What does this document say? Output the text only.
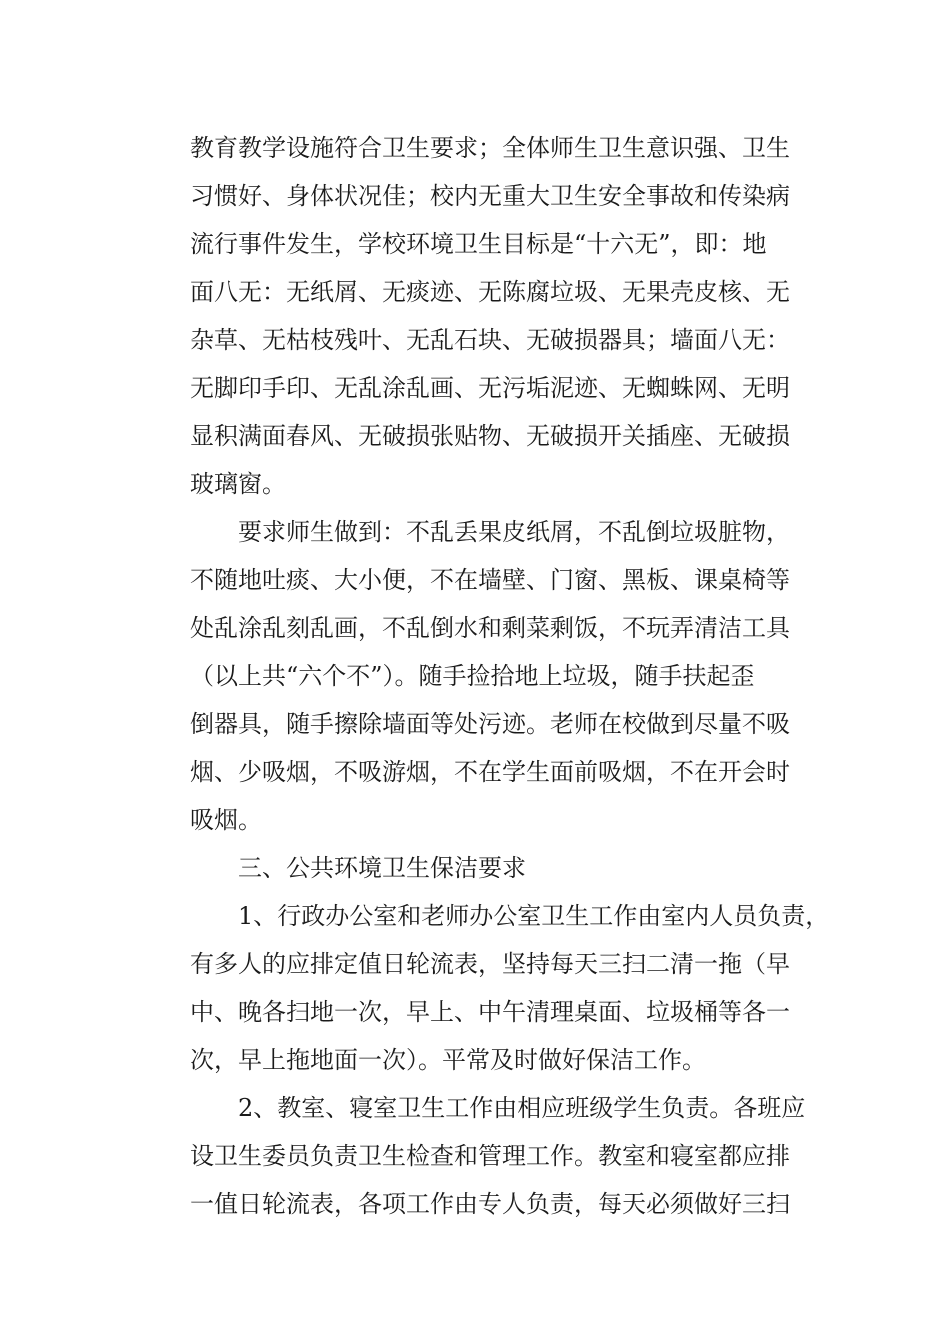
教育教学设施符合卫生要求；全体师生卫生意识强、卫生
习惯好、身体状况佳；校内无重大卫生安全事故和传染病
流行事件发生，学校环境卫生目标是“十六无”，即：地
面八无：无纸屑、无痰迹、无陈腐垃圾、无果壳皮核、无
杂草、无枯枝残叶、无乱石块、无破损器具；墙面八无：
无脚印手印、无乱涂乱画、无污垢泥迹、无蜘蛛网、无明
显积满面春风、无破损张贴物、无破损开关插座、无破损
玻璃窗。
要求师生做到：不乱丢果皮纸屑，不乱倒垃圾脏物，
不随地吐痰、大小便，不在墙壁、门窗、黑板、课桌椅等
处乱涂乱刻乱画，不乱倒水和剩菜剩饭，不玩弄清洁工具
（以上共“六个不”）。随手捡拾地上垃圾，随手扶起歪
倒器具，随手擦除墙面等处污迹。老师在校做到尽量不吸
烟、少吸烟，不吸游烟，不在学生面前吸烟，不在开会时
吸烟。
三、公共环境卫生保洁要求
1、行政办公室和老师办公室卫生工作由室内人员负责，
有多人的应排定值日轮流表，坚持每天三扫二清一拖（早
中、晚各扫地一次，早上、中午清理桌面、垃圾桶等各一
次，早上拖地面一次）。平常及时做好保洁工作。
2、教室、寝室卫生工作由相应班级学生负责。各班应
设卫生委员负责卫生检查和管理工作。教室和寝室都应排
一值日轮流表，各项工作由专人负责，每天必须做好三扫
